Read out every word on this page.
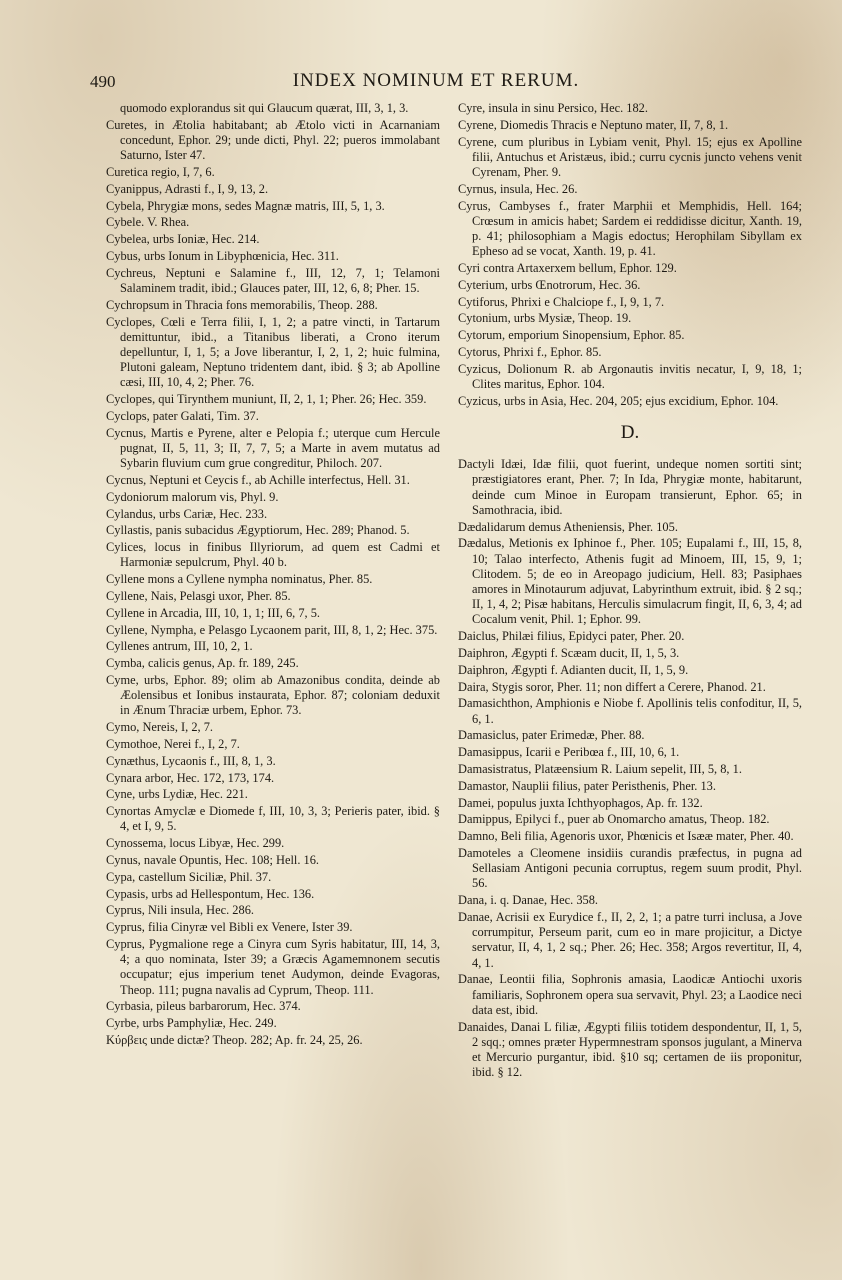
490	INDEX NOMINUM ET RERUM.

quomodo explorandus sit qui Glaucum quærat, III, 3, 1, 3.

Curetes, in Ætolia habitabant; ab Ætolo victi in Acarnaniam concedunt, Ephor. 29; unde dicti, Phyl. 22; pueros immolabant Saturno, Ister 47.

Curetica regio, I, 7, 6.

Cyanippus, Adrasti f., I, 9, 13, 2.

Cybela, Phrygiæ mons, sedes Magnæ matris, III, 5, 1, 3.

Cybele. V. Rhea.

Cybelea, urbs Ioniæ, Hec. 214.

Cybus, urbs Ionum in Libyphœnicia, Hec. 311.

Cychreus, Neptuni e Salamine f., III, 12, 7, 1; Telamoni Salaminem tradit, ibid.; Glauces pater, III, 12, 6, 8; Pher. 15.

Cychropsum in Thracia fons memorabilis, Theop. 288.

Cyclopes, Cœli e Terra filii, I, 1, 2; a patre vincti, in Tartarum demittuntur, ibid., a Titanibus liberati, a Crono iterum depelluntur, I, 1, 5; a Jove liberantur, I, 2, 1, 2; huic fulmina, Plutoni galeam, Neptuno tridentem dant, ibid. § 3; ab Apolline cæsi, III, 10, 4, 2; Pher. 76.

Cyclopes, qui Tirynthem muniunt, II, 2, 1, 1; Pher. 26; Hec. 359.

Cyclops, pater Galati, Tim. 37.

Cycnus, Martis e Pyrene, alter e Pelopia f.; uterque cum Hercule pugnat, II, 5, 11, 3; II, 7, 7, 5; a Marte in avem mutatus ad Sybarin fluvium cum grue congreditur, Philoch. 207.

Cycnus, Neptuni et Ceycis f., ab Achille interfectus, Hell. 31.

Cydoniorum malorum vis, Phyl. 9.

Cylandus, urbs Cariæ, Hec. 233.

Cyllastis, panis subacidus Ægyptiorum, Hec. 289; Phanod. 5.

Cylices, locus in finibus Illyriorum, ad quem est Cadmi et Harmoniæ sepulcrum, Phyl. 40 b.

Cyllene mons a Cyllene nympha nominatus, Pher. 85.

Cyllene, Nais, Pelasgi uxor, Pher. 85.

Cyllene in Arcadia, III, 10, 1, 1; III, 6, 7, 5.

Cyllene, Nympha, e Pelasgo Lycaonem parit, III, 8, 1, 2; Hec. 375.

Cyllenes antrum, III, 10, 2, 1.

Cymba, calicis genus, Ap. fr. 189, 245.

Cyme, urbs, Ephor. 89; olim ab Amazonibus condita, deinde ab Æolensibus et Ionibus instaurata, Ephor. 87; coloniam deduxit in Ænum Thraciæ urbem, Ephor. 73.

Cymo, Nereis, I, 2, 7.

Cymothoe, Nerei f., I, 2, 7.

Cynæthus, Lycaonis f., III, 8, 1, 3.

Cynara arbor, Hec. 172, 173, 174.

Cyne, urbs Lydiæ, Hec. 221.

Cynortas Amyclæ e Diomede f, III, 10, 3, 3; Perieris pater, ibid. § 4, et I, 9, 5.

Cynossema, locus Libyæ, Hec. 299.

Cynus, navale Opuntis, Hec. 108; Hell. 16.

Cypa, castellum Siciliæ, Phil. 37.

Cypasis, urbs ad Hellespontum, Hec. 136.

Cyprus, Nili insula, Hec. 286.

Cyprus, filia Cinyræ vel Bibli ex Venere, Ister 39.

Cyprus, Pygmalione rege a Cinyra cum Syris habitatur, III, 14, 3, 4; a quo nominata, Ister 39; a Græcis Agamemnonem secutis occupatur; ejus imperium tenet Audymon, deinde Evagoras, Theop. 111; pugna navalis ad Cyprum, Theop. 111.

Cyrbasia, pileus barbarorum, Hec. 374.

Cyrbe, urbs Pamphyliæ, Hec. 249.

Κύρβεις unde dictæ? Theop. 282; Ap. fr. 24, 25, 26.

Cyre, insula in sinu Persico, Hec. 182.

Cyrene, Diomedis Thracis e Neptuno mater, II, 7, 8, 1.

Cyrene, cum pluribus in Lybiam venit, Phyl. 15; ejus ex Apolline filii, Antuchus et Aristæus, ibid.; curru cycnis juncto vehens venit Cyrenam, Pher. 9.

Cyrnus, insula, Hec. 26.

Cyrus, Cambyses f., frater Marphii et Memphidis, Hell. 164; Crœsum in amicis habet; Sardem ei reddidisse dicitur, Xanth. 19, p. 41; philosophiam a Magis edoctus; Herophilam Sibyllam ex Epheso ad se vocat, Xanth. 19, p. 41.

Cyri contra Artaxerxem bellum, Ephor. 129.

Cyterium, urbs Œnotrorum, Hec. 36.

Cytiforus, Phrixi e Chalciope f., I, 9, 1, 7.

Cytonium, urbs Mysiæ, Theop. 19.

Cytorum, emporium Sinopensium, Ephor. 85.

Cytorus, Phrixi f., Ephor. 85.

Cyzicus, Dolionum R. ab Argonautis invitis necatur, I, 9, 18, 1; Clites maritus, Ephor. 104.

Cyzicus, urbs in Asia, Hec. 204, 205; ejus excidium, Ephor. 104.

D.

Dactyli Idæi, Idæ filii, quot fuerint, undeque nomen sortiti sint; præstigiatores erant, Pher. 7; In Ida, Phrygiæ monte, habitarunt, deinde cum Minoe in Europam transierunt, Ephor. 65; in Samothracia, ibid.

Dædalidarum demus Atheniensis, Pher. 105.

Dædalus, Metionis ex Iphinoe f., Pher. 105; Eupalami f., III, 15, 8, 10; Talao interfecto, Athenis fugit ad Minoem, III, 15, 9, 1; Clitodem. 5; de eo in Areopago judicium, Hell. 83; Pasiphaes amores in Minotaurum adjuvat, Labyrinthum extruit, ibid. § 2 sq.; II, 1, 4, 2; Pisæ habitans, Herculis simulacrum fingit, II, 6, 3, 4; ad Cocalum venit, Phil. 1; Ephor. 99.

Daiclus, Philæi filius, Epidyci pater, Pher. 20.

Daiphron, Ægypti f. Scæam ducit, II, 1, 5, 3.

Daiphron, Ægypti f. Adianten ducit, II, 1, 5, 9.

Daira, Stygis soror, Pher. 11; non differt a Cerere, Phanod. 21.

Damasichthon, Amphionis e Niobe f. Apollinis telis confoditur, II, 5, 6, 1.

Damasiclus, pater Erimedæ, Pher. 88.

Damasippus, Icarii e Peribœa f., III, 10, 6, 1.

Damasistratus, Platæensium R. Laium sepelit, III, 5, 8, 1.

Damastor, Nauplii filius, pater Peristhenis, Pher. 13.

Damei, populus juxta Ichthyophagos, Ap. fr. 132.

Damippus, Epilyci f., puer ab Onomarcho amatus, Theop. 182.

Damno, Beli filia, Agenoris uxor, Phœnicis et Isææ mater, Pher. 40.

Damoteles a Cleomene insidiis curandis præfectus, in pugna ad Sellasiam Antigoni pecunia corruptus, regem suum prodit, Phyl. 56.

Dana, i. q. Danae, Hec. 358.

Danae, Acrisii ex Eurydice f., II, 2, 2, 1; a patre turri inclusa, a Jove corrumpitur, Perseum parit, cum eo in mare projicitur, a Dictye servatur, II, 4, 1, 2 sq.; Pher. 26; Hec. 358; Argos revertitur, II, 4, 4, 1.

Danae, Leontii filia, Sophronis amasia, Laodicæ Antiochi uxoris familiaris, Sophronem opera sua servavit, Phyl. 23; a Laodice neci data est, ibid.

Danaides, Danai L filiæ, Ægypti filiis totidem despondentur, II, 1, 5, 2 sqq.; omnes præter Hypermnestram sponsos jugulant, a Minerva et Mercurio purgantur, ibid. §10 sq; certamen de iis proponitur, ibid. § 12.
